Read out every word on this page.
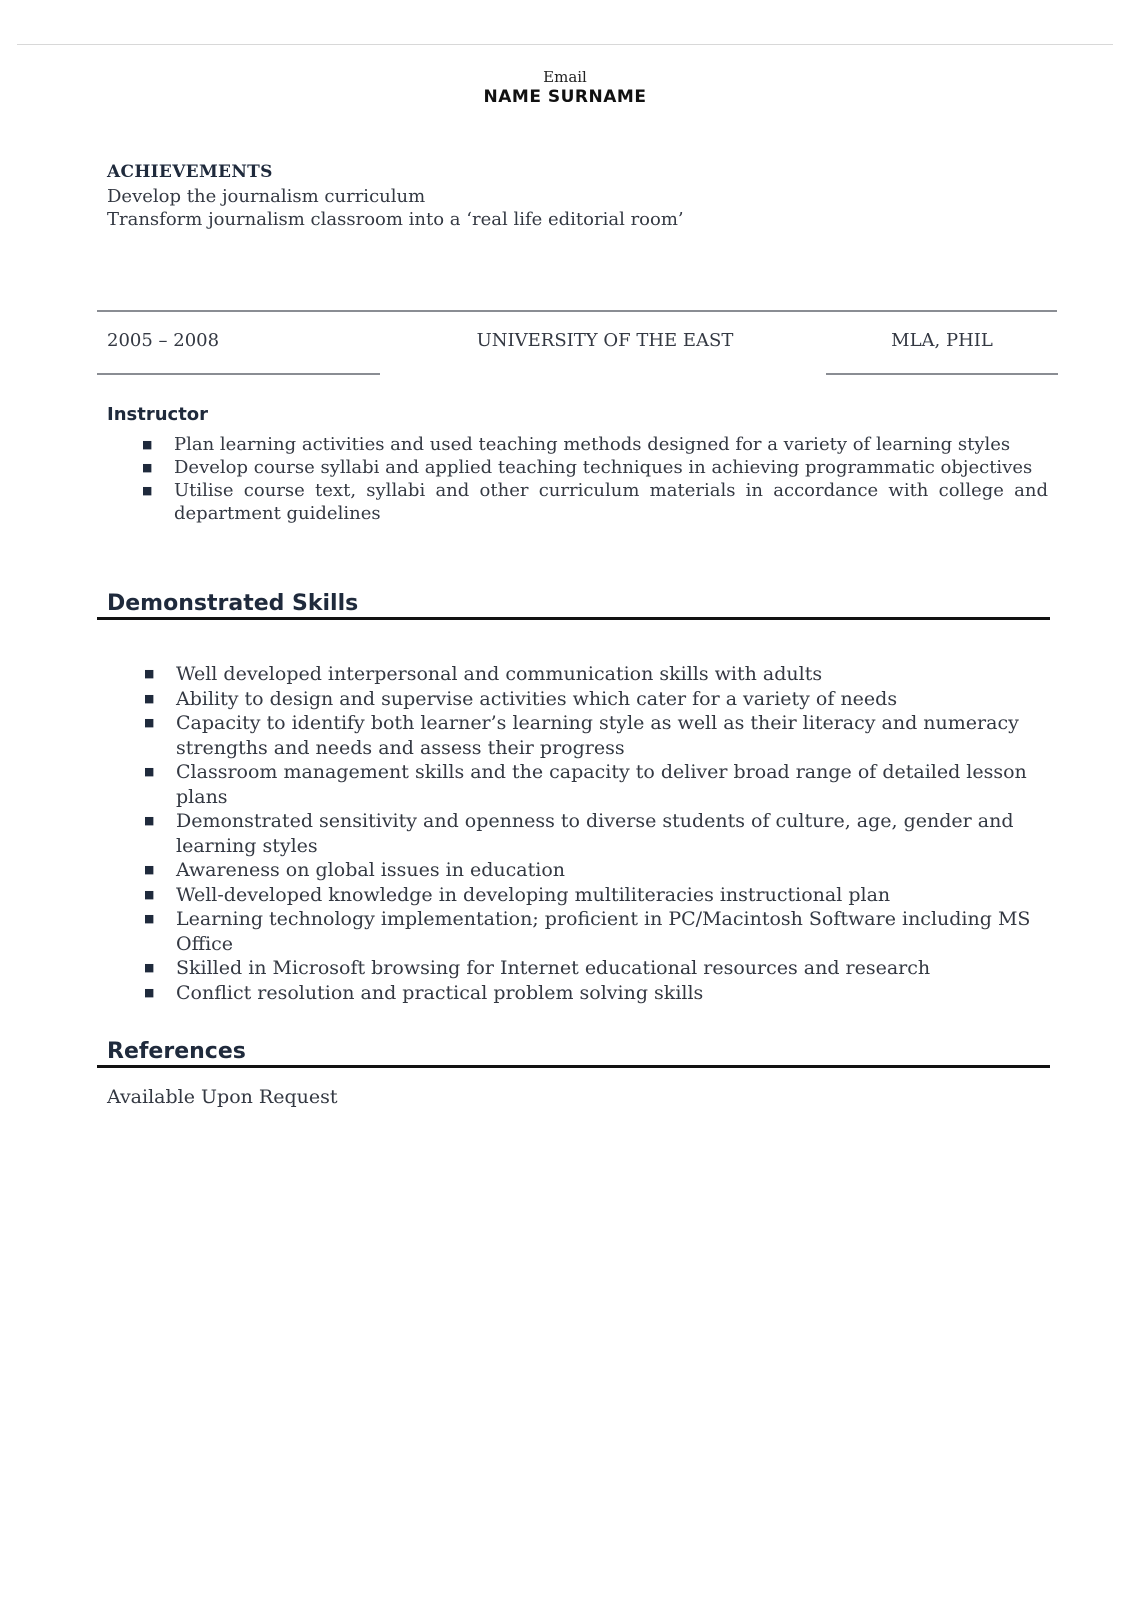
Email
NAME SURNAME
ACHIEVEMENTS
Develop the journalism curriculum
Transform journalism classroom into a ‘real life editorial room’
2005 – 2008	UNIVERSITY OF THE EAST	MLA, PHIL
Instructor
■ Plan learning activities and used teaching methods designed for a variety of learning styles
■ Develop course syllabi and applied teaching techniques in achieving programmatic objectives
■ Utilise course text, syllabi and other curriculum materials in accordance with college and department guidelines
Demonstrated Skills
■ Well developed interpersonal and communication skills with adults
■ Ability to design and supervise activities which cater for a variety of needs
■ Capacity to identify both learner’s learning style as well as their literacy and numeracy strengths and needs and assess their progress
■ Classroom management skills and the capacity to deliver broad range of detailed lesson plans
■ Demonstrated sensitivity and openness to diverse students of culture, age, gender and learning styles
■ Awareness on global issues in education
■ Well-developed knowledge in developing multiliteracies instructional plan
■ Learning technology implementation; proficient in PC/Macintosh Software including MS Office
■ Skilled in Microsoft browsing for Internet educational resources and research
■ Conflict resolution and practical problem solving skills
References
Available Upon Request
